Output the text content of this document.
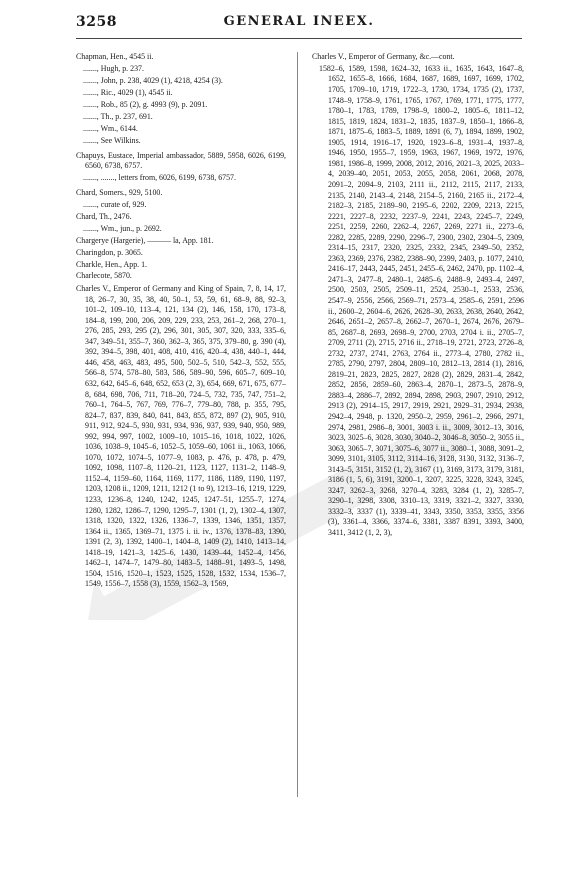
3258	GENERAL INEEX.

Chapman, Hen., 4545 ii.

......., Hugh, p. 237.

......., John, p. 238, 4029 (1), 4218, 4254 (3).

......., Ric., 4029 (1), 4545 ii.

......., Rob., 85 (2), g. 4993 (9), p. 2091.

......., Th., p. 237, 691.

......., Wm., 6144.

......., See Wilkins.

Chapuys, Eustace, Imperial ambassador, 5889, 5958, 6026, 6199, 6560, 6738, 6757.

......., ......., letters from, 6026, 6199, 6738, 6757.

Chard, Somers., 929, 5100.

......., curate of, 929.

Chard, Th., 2476.

......., Wm., jun., p. 2692.

Chargerye (Hargerie), ——— la, App. 181.

Charingdon, p. 3065.

Charkle, Hen., App. 1.

Charlecote, 5870.

Charles V., Emperor of Germany and King of Spain, 7, 8, 14, 17, 18, 26–7, 30, 35, 38, 40, 50–1, 53, 59, 61, 68–9, 88, 92–3, 101–2, 109–10, 113–4, 121, 134 (2), 146, 158, 170, 173–8, 184–8, 199, 200, 206, 209, 229, 233, 253, 261–2, 268, 270–1, 276, 285, 293, 295 (2), 296, 301, 305, 307, 320, 333, 335–6, 347, 349–51, 355–7, 360, 362–3, 365, 375, 379–80, g. 390 (4), 392, 394–5, 398, 401, 408, 410, 416, 420–4, 438, 440–1, 444, 446, 458, 463, 483, 495, 500, 502–5, 510, 542–3, 552, 555, 566–8, 574, 578–80, 583, 586, 589–90, 596, 605–7, 609–10, 632, 642, 645–6, 648, 652, 653 (2, 3), 654, 669, 671, 675, 677–8, 684, 698, 706, 711, 718–20, 724–5, 732, 735, 747, 751–2, 760–1, 764–5, 767, 769, 776–7, 779–80, 788, p. 355, 795, 824–7, 837, 839, 840, 841, 843, 855, 872, 897 (2), 905, 910, 911, 912, 924–5, 930, 931, 934, 936, 937, 939, 940, 950, 989, 992, 994, 997, 1002, 1009–10, 1015–16, 1018, 1022, 1026, 1036, 1038–9, 1045–6, 1052–5, 1059–60, 1061 ii., 1063, 1066, 1070, 1072, 1074–5, 1077–9, 1083, p. 476, p. 478, p. 479, 1092, 1098, 1107–8, 1120–21, 1123, 1127, 1131–2, 1148–9, 1152–4, 1159–60, 1164, 1169, 1177, 1186, 1189, 1190, 1197, 1203, 1208 ii., 1209, 1211, 1212 (1 to 9), 1213–16, 1219, 1229, 1233, 1236–8, 1240, 1242, 1245, 1247–51, 1255–7, 1274, 1280, 1282, 1286–7, 1290, 1295–7, 1301 (1, 2), 1302–4, 1307, 1318, 1320, 1322, 1326, 1336–7, 1339, 1346, 1351, 1357, 1364 ii., 1365, 1369–71, 1375 i. ii. iv., 1376, 1378–83, 1390, 1391 (2, 3), 1392, 1400–1, 1404–8, 1409 (2), 1410, 1413–14, 1418–19, 1421–3, 1425–6, 1430, 1439–44, 1452–4, 1456, 1462–1, 1474–7, 1479–80, 1483–5, 1488–91, 1493–5, 1498, 1504, 1516, 1520–1, 1523, 1525, 1528, 1532, 1534, 1536–7, 1549, 1556–7, 1558 (3), 1559, 1562–3, 1569,

Charles V., Emperor of Germany, &c.—cont.

1582–6, 1589, 1598, 1624–32, 1633 ii., 1635, 1643, 1647–8, 1652, 1655–8, 1666, 1684, 1687, 1689, 1697, 1699, 1702, 1705, 1709–10, 1719, 1722–3, 1730, 1734, 1735 (2), 1737, 1748–9, 1758–9, 1761, 1765, 1767, 1769, 1771, 1775, 1777, 1780–1, 1783, 1789, 1798–9, 1800–2, 1805–6, 1811–12, 1815, 1819, 1824, 1831–2, 1835, 1837–9, 1850–1, 1866–8, 1871, 1875–6, 1883–5, 1889, 1891 (6, 7), 1894, 1899, 1902, 1905, 1914, 1916–17, 1920, 1923–6–8, 1931–4, 1937–8, 1946, 1950, 1955–7, 1959, 1963, 1967, 1969, 1972, 1976, 1981, 1986–8, 1999, 2008, 2012, 2016, 2021–3, 2025, 2033–4, 2039–40, 2051, 2053, 2055, 2058, 2061, 2068, 2078, 2091–2, 2094–9, 2103, 2111 ii., 2112, 2115, 2117, 2133, 2135, 2140, 2143–4, 2148, 2154–5, 2160, 2165 ii., 2172–4, 2182–3, 2185, 2189–90, 2195–6, 2202, 2209, 2213, 2215, 2221, 2227–8, 2232, 2237–9, 2241, 2243, 2245–7, 2249, 2251, 2259, 2260, 2262–4, 2267, 2269, 2271 ii., 2273–6, 2282, 2285, 2289, 2290, 2296–7, 2300, 2302, 2304–5, 2309, 2314–15, 2317, 2320, 2325, 2332, 2345, 2349–50, 2352, 2363, 2369, 2376, 2382, 2388–90, 2399, 2403, p. 1077, 2410, 2416–17, 2443, 2445, 2451, 2455–6, 2462, 2470, pp. 1102–4, 2471–3, 2477–8, 2480–1, 2485–6, 2488–9, 2493–4, 2497, 2500, 2503, 2505, 2509–11, 2524, 2530–1, 2533, 2536, 2547–9, 2556, 2566, 2569–71, 2573–4, 2585–6, 2591, 2596 ii., 2600–2, 2604–6, 2626, 2628–30, 2633, 2638, 2640, 2642, 2646, 2651–2, 2657–8, 2662–7, 2670–1, 2674, 2676, 2679–85, 2687–8, 2693, 2698–9, 2700, 2703, 2704 i. ii., 2705–7, 2709, 2711 (2), 2715, 2716 ii., 2718–19, 2721, 2723, 2726–8, 2732, 2737, 2741, 2763, 2764 ii., 2773–4, 2780, 2782 ii., 2785, 2790, 2797, 2804, 2809–10, 2812–13, 2814 (1), 2816, 2819–21, 2823, 2825, 2827, 2828 (2), 2829, 2831–4, 2842, 2852, 2856, 2859–60, 2863–4, 2870–1, 2873–5, 2878–9, 2883–4, 2886–7, 2892, 2894, 2898, 2903, 2907, 2910, 2912, 2913 (2), 2914–15, 2917, 2919, 2921, 2929–31, 2934, 2938, 2942–4, 2948, p. 1320, 2950–2, 2959, 2961–2, 2966, 2971, 2974, 2981, 2986–8, 3001, 3003 i. ii., 3009, 3012–13, 3016, 3023, 3025–6, 3028, 3030, 3040–2, 3046–8, 3050–2, 3055 ii., 3063, 3065–7, 3071, 3075–6, 3077 ii., 3080–1, 3088, 3091–2, 3099, 3101, 3105, 3112, 3114–16, 3128, 3130, 3132, 3136–7, 3143–5, 3151, 3152 (1, 2), 3167 (1), 3169, 3173, 3179, 3181, 3186 (1, 5, 6), 3191, 3200–1, 3207, 3225, 3228, 3243, 3245, 3247, 3262–3, 3268, 3270–4, 3283, 3284 (1, 2), 3285–7, 3290–1, 3298, 3308, 3310–13, 3319, 3321–2, 3327, 3330, 3332–3, 3337 (1), 3339–41, 3343, 3350, 3353, 3355, 3356 (3), 3361–4, 3366, 3374–6, 3381, 3387 8391, 3393, 3400, 3411, 3412 (1, 2, 3),
